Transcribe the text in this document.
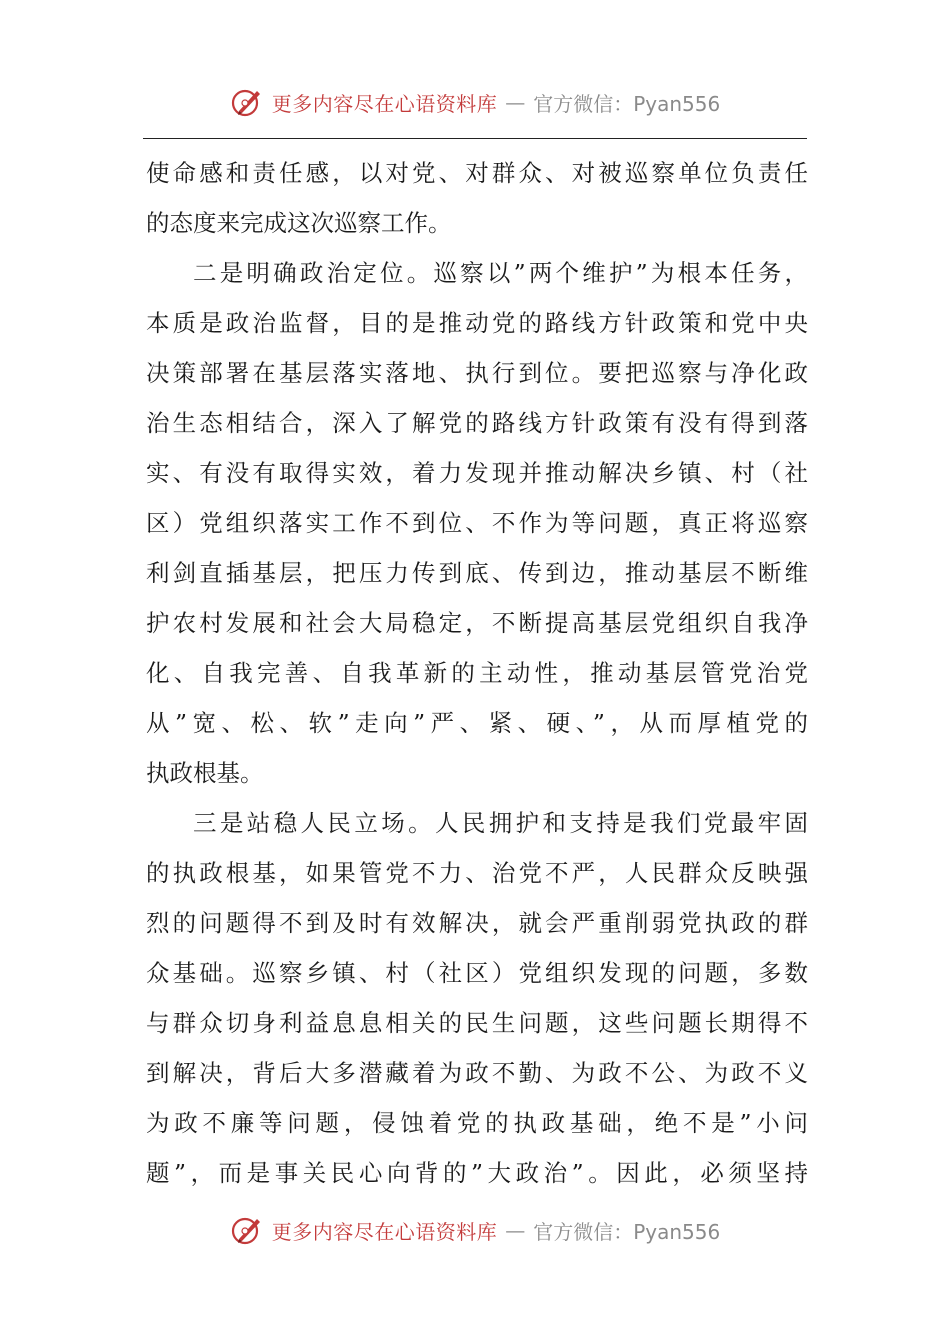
更多内容尽在心语资料库 — 官方微信：Pyan556
使命感和责任感，以对党、对群众、对被巡察单位负责任
的态度来完成这次巡察工作。
二是明确政治定位。巡察以”两个维护”为根本任务，
本质是政治监督，目的是推动党的路线方针政策和党中央
决策部署在基层落实落地、执行到位。要把巡察与净化政
治生态相结合，深入了解党的路线方针政策有没有得到落
实、有没有取得实效，着力发现并推动解决乡镇、村（社
区）党组织落实工作不到位、不作为等问题，真正将巡察
利剑直插基层，把压力传到底、传到边，推动基层不断维
护农村发展和社会大局稳定，不断提高基层党组织自我净
化、自我完善、自我革新的主动性，推动基层管党治党
从”宽、松、软”走向”严、紧、硬、”，从而厚植党的
执政根基。
三是站稳人民立场。人民拥护和支持是我们党最牢固
的执政根基，如果管党不力、治党不严，人民群众反映强
烈的问题得不到及时有效解决，就会严重削弱党执政的群
众基础。巡察乡镇、村（社区）党组织发现的问题，多数
与群众切身利益息息相关的民生问题，这些问题长期得不
到解决，背后大多潜藏着为政不勤、为政不公、为政不义
为政不廉等问题，侵蚀着党的执政基础，绝不是”小问
题”，而是事关民心向背的”大政治”。因此，必须坚持
更多内容尽在心语资料库 — 官方微信：Pyan556
